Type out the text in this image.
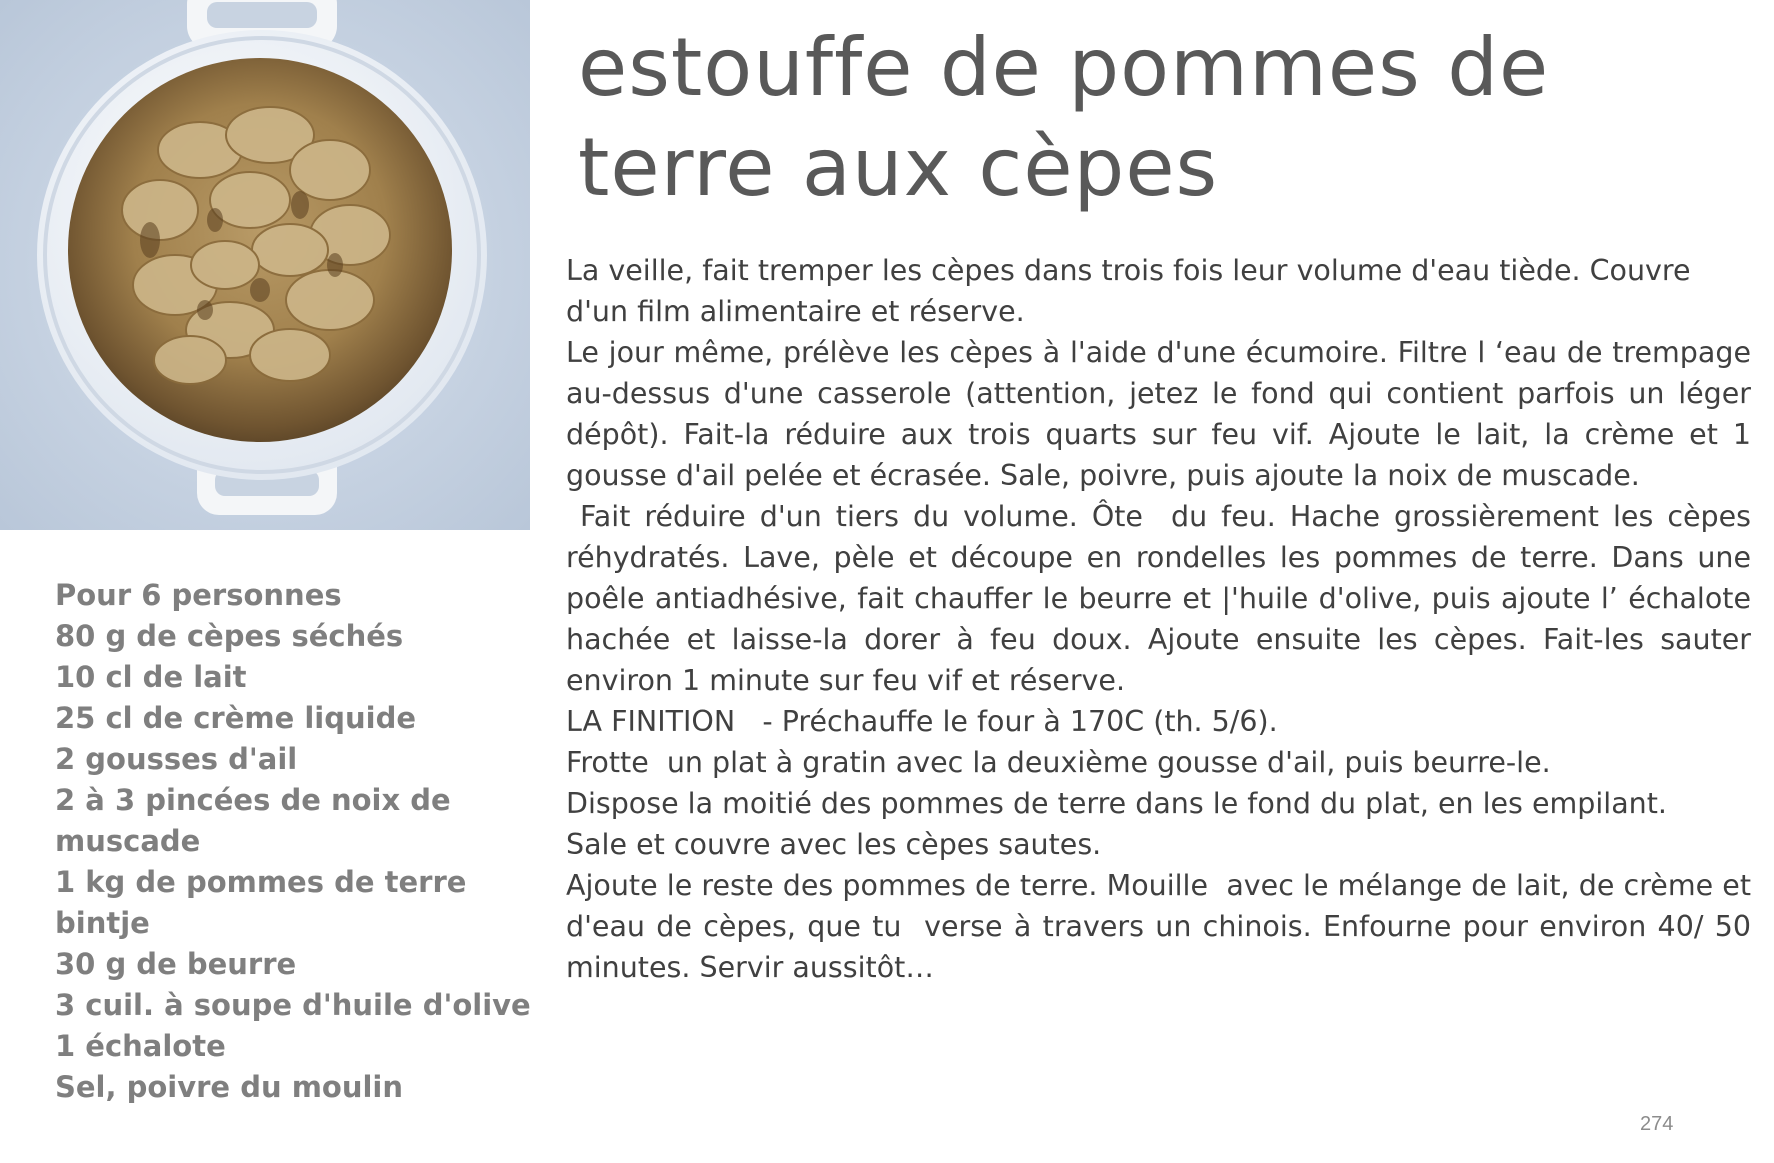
estouffe de pommes de terre aux cèpes
Pour 6 personnes
80 g de cèpes séchés
10 cl de lait
25 cl de crème liquide
2 gousses d'ail
2 à 3 pincées de noix de muscade
1 kg de pommes de terre bintje
30 g de beurre
3 cuil. à soupe d'huile d'olive
1 échalote
Sel, poivre du moulin

La veille, fait tremper les cèpes dans trois fois leur volume d'eau tiède. Couvre d'un film alimentaire et réserve.

Le jour même, prélève les cèpes à l'aide d'une écumoire. Filtre l ‘eau de trempage au-dessus d'une casserole (attention, jetez le fond qui contient parfois un léger dépôt). Fait-la réduire aux trois quarts sur feu vif. Ajoute le lait, la crème et 1 gousse d'ail pelée et écrasée. Sale, poivre, puis ajoute la noix de muscade.

Fait réduire d'un tiers du volume. Ôte  du feu. Hache grossièrement les cèpes réhydratés. Lave, pèle et découpe en rondelles les pommes de terre. Dans une poêle antiadhésive, fait chauffer le beurre et |'huile d'olive, puis ajoute l’ échalote hachée et laisse-la dorer à feu doux. Ajoute ensuite les cèpes. Fait-les sauter environ 1 minute sur feu vif et réserve.

LA FINITION   - Préchauffe le four à 170C (th. 5/6).

Frotte  un plat à gratin avec la deuxième gousse d'ail, puis beurre-le.

Dispose la moitié des pommes de terre dans le fond du plat, en les empilant.

Sale et couvre avec les cèpes sautes.

Ajoute le reste des pommes de terre. Mouille  avec le mélange de lait, de crème et d'eau de cèpes, que tu  verse à travers un chinois. Enfourne pour environ 40/ 50 minutes. Servir aussitôt…

274
